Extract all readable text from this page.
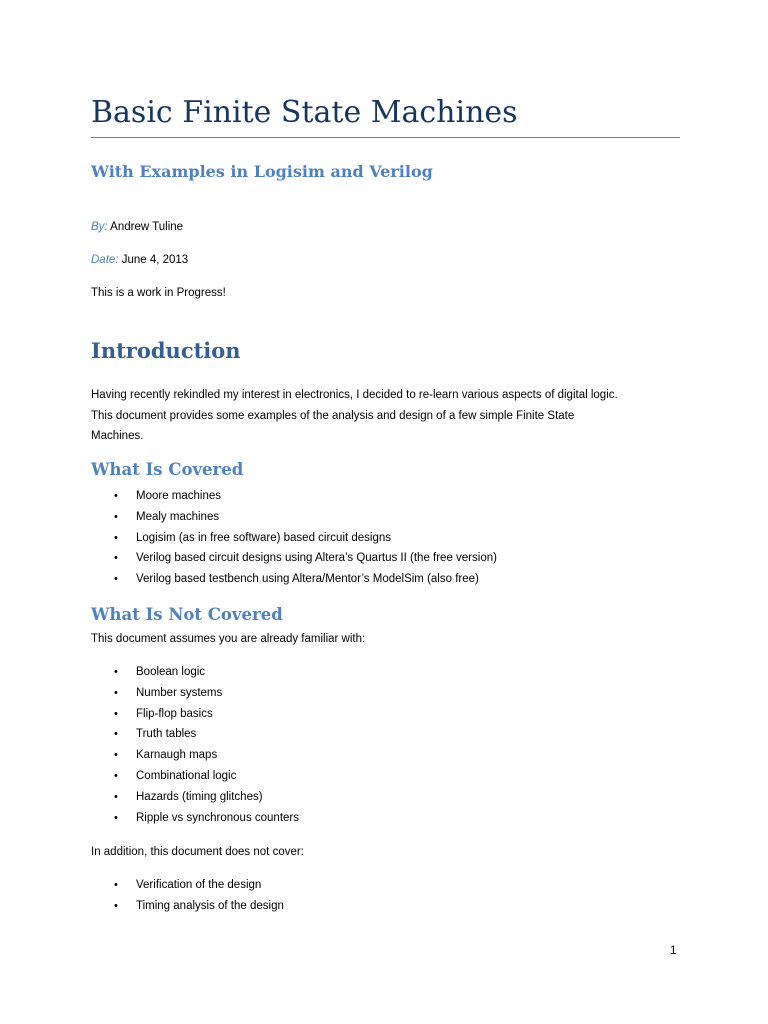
Basic Finite State Machines
With Examples in Logisim and Verilog

By: Andrew Tuline

Date: June 4, 2013

This is a work in Progress!

Introduction

Having recently rekindled my interest in electronics, I decided to re-learn various aspects of digital logic.
This document provides some examples of the analysis and design of a few simple Finite State
Machines.

What Is Covered
• Moore machines
• Mealy machines
• Logisim (as in free software) based circuit designs
• Verilog based circuit designs using Altera’s Quartus II (the free version)
• Verilog based testbench using Altera/Mentor’s ModelSim (also free)
What Is Not Covered

This document assumes you are already familiar with:

• Boolean logic
• Number systems
• Flip-flop basics
• Truth tables
• Karnaugh maps
• Combinational logic
• Hazards (timing glitches)
• Ripple vs synchronous counters

In addition, this document does not cover:

• Verification of the design
• Timing analysis of the design
1
